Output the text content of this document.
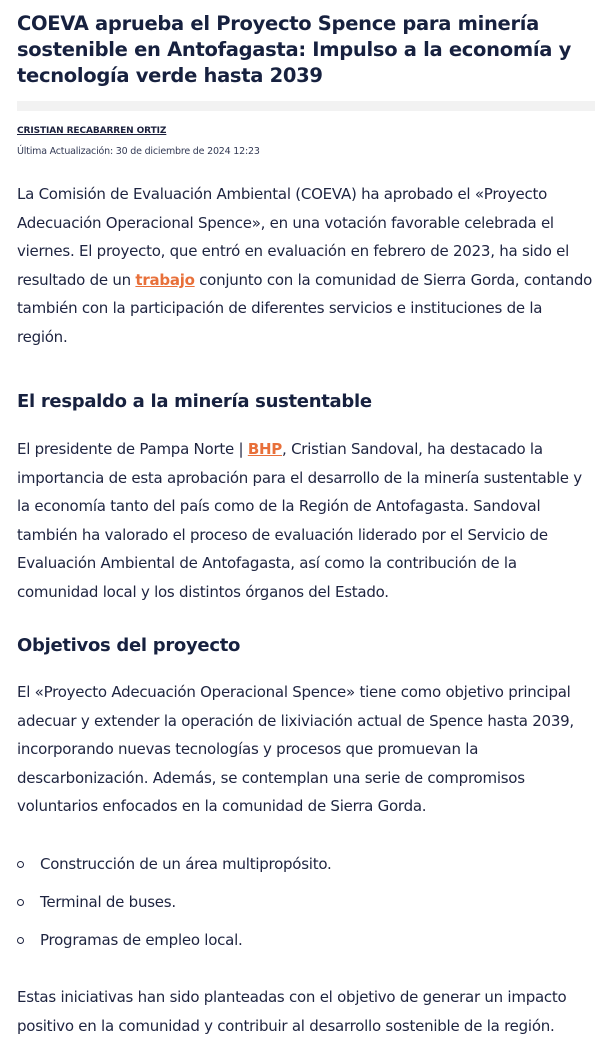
COEVA aprueba el Proyecto Spence para minería sostenible en Antofagasta: Impulso a la economía y tecnología verde hasta 2039
CRISTIAN RECABARREN ORTIZ
Última Actualización: 30 de diciembre de 2024 12:23

La Comisión de Evaluación Ambiental (COEVA) ha aprobado el «Proyecto Adecuación Operacional Spence», en una votación favorable celebrada el viernes. El proyecto, que entró en evaluación en febrero de 2023, ha sido el resultado de un trabajo conjunto con la comunidad de Sierra Gorda, contando también con la participación de diferentes servicios e instituciones de la región.

El respaldo a la minería sustentable

El presidente de Pampa Norte | BHP, Cristian Sandoval, ha destacado la importancia de esta aprobación para el desarrollo de la minería sustentable y la economía tanto del país como de la Región de Antofagasta. Sandoval también ha valorado el proceso de evaluación liderado por el Servicio de Evaluación Ambiental de Antofagasta, así como la contribución de la comunidad local y los distintos órganos del Estado.

Objetivos del proyecto

El «Proyecto Adecuación Operacional Spence» tiene como objetivo principal adecuar y extender la operación de lixiviación actual de Spence hasta 2039, incorporando nuevas tecnologías y procesos que promuevan la descarbonización. Además, se contemplan una serie de compromisos voluntarios enfocados en la comunidad de Sierra Gorda.

Construcción de un área multipropósito.
Terminal de buses.
Programas de empleo local.

Estas iniciativas han sido planteadas con el objetivo de generar un impacto positivo en la comunidad y contribuir al desarrollo sostenible de la región.
